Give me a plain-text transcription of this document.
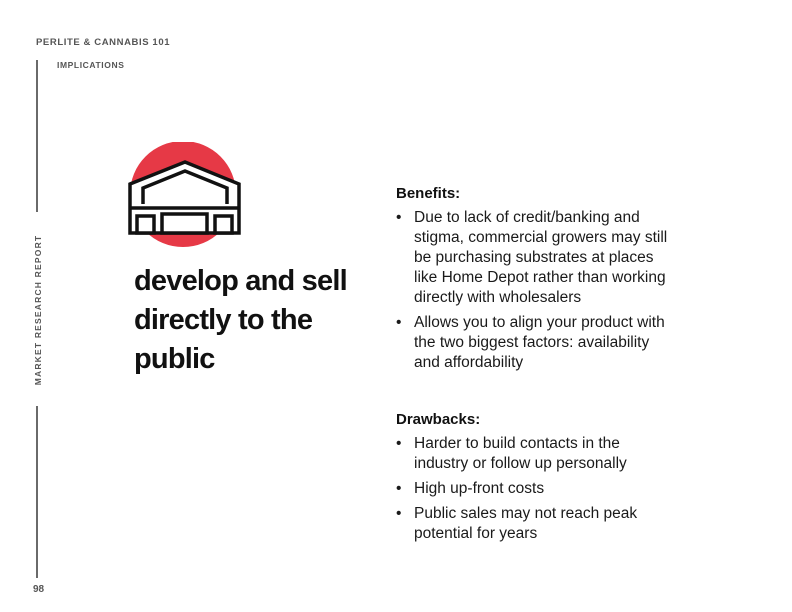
PERLITE & CANNABIS 101
IMPLICATIONS
MARKET RESEARCH REPORT
98
develop and sell directly to the public
Benefits:
• Due to lack of credit/banking and stigma, commercial growers may still be purchasing substrates at places like Home Depot rather than working directly with wholesalers
• Allows you to align your product with the two biggest factors: availability and affordability
Drawbacks:
• Harder to build contacts in the industry or follow up personally
• High up-front costs
• Public sales may not reach peak potential for years
